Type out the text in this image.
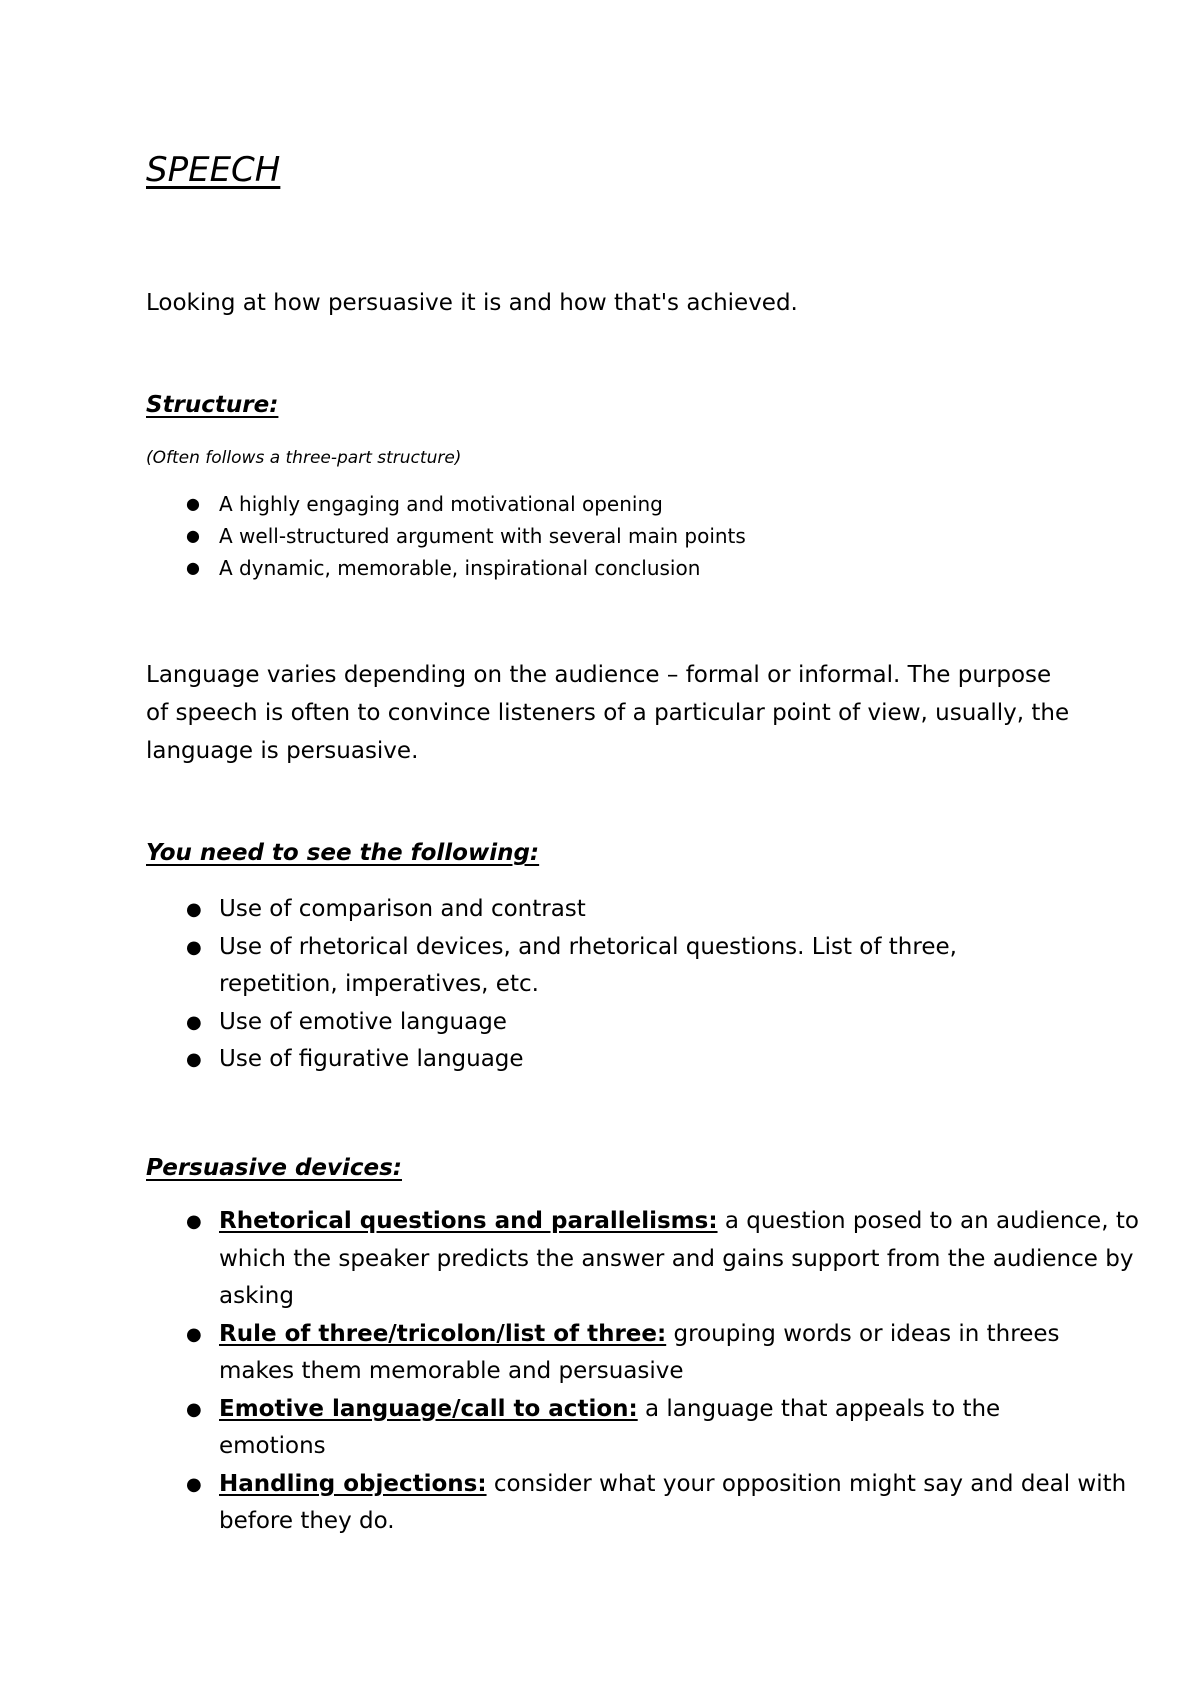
SPEECH
Looking at how persuasive it is and how that's achieved.
Structure:
(Often follows a three-part structure)
● A highly engaging and motivational opening
● A well-structured argument with several main points
● A dynamic, memorable, inspirational conclusion
Language varies depending on the audience – formal or informal. The purpose of speech is often to convince listeners of a particular point of view, usually, the language is persuasive.
You need to see the following:
● Use of comparison and contrast
● Use of rhetorical devices, and rhetorical questions. List of three, repetition, imperatives, etc.
● Use of emotive language
● Use of figurative language
Persuasive devices:
● Rhetorical questions and parallelisms: a question posed to an audience, to which the speaker predicts the answer and gains support from the audience by asking
● Rule of three/tricolon/list of three: grouping words or ideas in threes makes them memorable and persuasive
● Emotive language/call to action: a language that appeals to the emotions
● Handling objections: consider what your opposition might say and deal with before they do.
